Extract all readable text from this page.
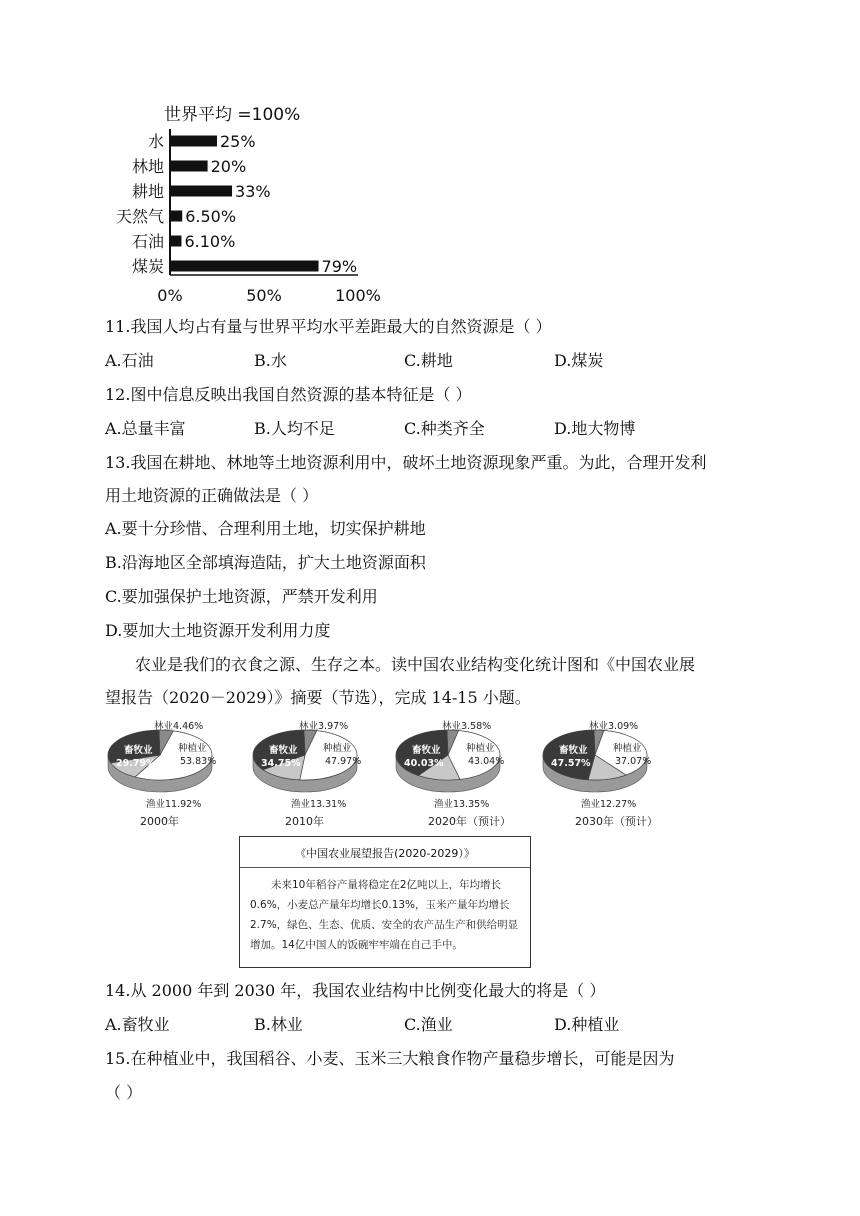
世界平均 =100%
水	25%
林地	20%
耕地	33%
天然气 6.50%
石油 6.10%
煤炭	79%
0%	50%	100%
11.我国人均占有量与世界平均水平差距最大的自然资源是（ ）
A.石油	B.水	C.耕地	D.煤炭
12.图中信息反映出我国自然资源的基本特征是（ ）
A.总量丰富	B.人均不足	C.种类齐全	D.地大物博
13.我国在耕地、林地等土地资源利用中，破坏土地资源现象严重。为此，合理开发利
用土地资源的正确做法是（ ）
A.要十分珍惜、合理利用土地，切实保护耕地
B.沿海地区全部填海造陆，扩大土地资源面积
C.要加强保护土地资源，严禁开发利用
D.要加大土地资源开发利用力度
农业是我们的衣食之源、生存之本。读中国农业结构变化统计图和《中国农业展
望报告（2020－2029）》摘要（节选），完成 14-15 小题。
畜牧业
29.79%
林业4.46%
种植业
53.83%
渔业11.92%
2000年
畜牧业
34.75%
林业3.97%
种植业
47.97%
渔业13.31%
2010年
畜牧业
40.03%
林业3.58%
种植业
43.04%
渔业13.35%
2020年（预计）
畜牧业
47.57%
林业3.09%
种植业
37.07%
渔业12.27%
2030年（预计）
《中国农业展望报告(2020-2029）》
未来10年稻谷产量将稳定在2亿吨以上，年均增长0.6%，小麦总产量年均增长0.13%，玉米产量年均增长2.7%，绿色、生态、优质、安全的农产品生产和供给明显增加。14亿中国人的饭碗牢牢端在自己手中。
14.从 2000 年到 2030 年，我国农业结构中比例变化最大的将是（ ）
A.畜牧业	B.林业	C.渔业	D.种植业
15.在种植业中，我国稻谷、小麦、玉米三大粮食作物产量稳步增长，可能是因为
（ ）
